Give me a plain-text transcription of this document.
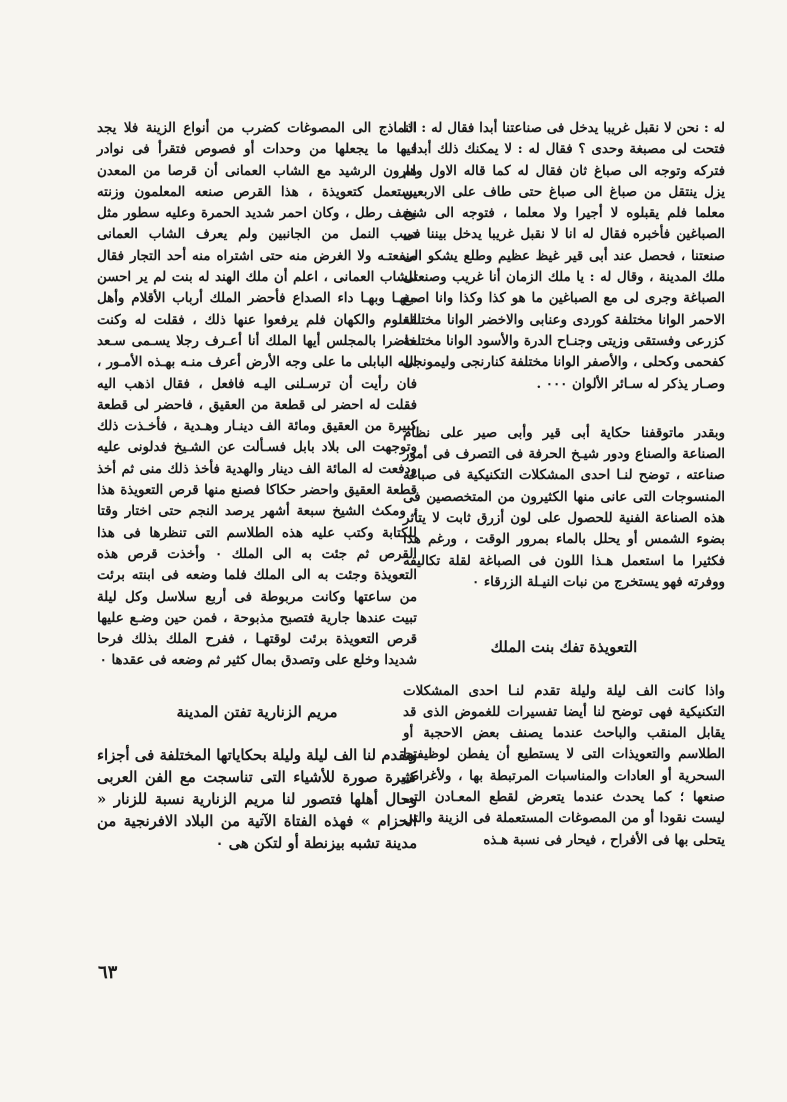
له : نحن لا نقبل غريبا يدخل فى صناعتنا أبدا فقال له : اذا فتحت لى مصبغة وحدى ؟ فقال له : لا يمكنك ذلك أبدا ، فتركه وتوجه الى صباغ ثان فقال له كما قاله الاول ولم يزل ينتقل من صباغ الى صباغ حتى طاف على الاربعين معلما فلم يقبلوه لا أجيرا ولا معلما ، فتوجه الى شيخ الصباغين فأخبره فقال له انا لا نقبل غريبا يدخل بيننا فى صنعتنا ، فحصل عند أبى قير غيظ عظيم وطلع يشكو الى ملك المدينة ، وقال له : يا ملك الزمان أنا غريب وصنعتى الصباغة وجرى لى مع الصباغين ما هو كذا وكذا وانا اصبغ الاحمر الوانا مختلفة كوردى وعنابى والاخضر الوانا مختلفة كزرعى وفستقى وزيتى وجنـاح الدرة والأسود الوانا مختلفة كفحمى وكحلى ، والأصفر الوانا مختلفة كنارنجى وليمونجى وصـار يذكر له سـائر الألوان ٠٠٠ .

وبقدر ماتوقفنا حكاية أبى قير وأبى صير على نظام الصناعة والصناع ودور شيـخ الحرفة فى التصرف فى أمور صناعته ، توضح لنـا احدى المشكلات التكنيكية فى صباغة المنسوجات التى عانى منها الكثيرون من المتخصصين فى هذه الصناعة الفنية للحصول على لون أزرق ثابت لا يتأثر بضوء الشمس أو يحلل بالماء بمرور الوقت ، ورغم هذا فكثيرا ما استعمل هـذا اللون فى الصباغة لقلة تكاليفه ووفرته فهو يستخرج من نبات النيـلة الزرقاء ٠

التعويذة تفك بنت الملك

واذا كانت الف ليلة وليلة تقدم لنـا احدى المشكلات التكنيكية فهى توضح لنا أيضا تفسيرات للغموض الذى قد يقابل المنقب والباحث عندما يصنف بعض الاحجبة أو الطلاسم والتعويذات التى لا يستطيع أن يفطن لوظيفتها السحرية أو العادات والمناسبات المرتبطة بها ، ولأغراض صنعها ؛ كما يحدث عندما يتعرض لقطع المعـادن التى ليست نقودا أو من المصوغات المستعملة فى الزينة والتى يتحلى بها فى الأفراح ، فيحار فى نسبة هـذه

النماذج الى المصوغات كضرب من أنواع الزينة فلا يجد فيها ما يجعلها من وحدات أو فصوص فتقرأ فى نوادر هارون الرشيد مع الشاب العمانى أن قرصا من المعدن يستعمل كتعويذة ، هذا القرص صنعه المعلمون وزنته نصف رطل ، وكان احمر شديد الحمرة وعليه سطور مثل دبيب النمل من الجانبين ولم يعرف الشاب العمانى منفعتـه ولا الغرض منه حتى اشتراه منه أحد التجار فقال للشاب العمانى ، اعلم أن ملك الهند له بنت لم ير احسن منهـا وبهـا داء الصداع فأحضر الملك أرباب الأقلام وأهل العلوم والكهان فلم يرفعوا عنها ذلك ، فقلت له وكنت حاضرا بالمجلس أيها الملك أنا أعـرف رجلا يسـمى سـعد الله البابلى ما على وجه الأرض أعرف منـه بهـذه الأمـور ، فان رأيت أن ترسـلنى اليـه فافعل ، فقال اذهب اليه فقلت له احضر لى قطعة من العقيق ، فاحضر لى قطعة كبيرة من العقيق ومائة الف دينـار وهـدية ، فأخـذت ذلك وتوجهت الى بلاد بابل فسـألت عن الشـيخ فدلونى عليه ودفعت له المائة الف دينار والهدية فأخذ ذلك منى ثم أخذ قطعة العقيق واحضر حكاكا فصنع منها قرص التعويذة هذا ، ومكث الشيخ سبعة أشهر يرصد النجم حتى اختار وقتا للكتابة وكتب عليه هذه الطلاسم التى تنظرها فى هذا القرص ثم جئت به الى الملك ٠ وأخذت قرص هذه التعويذة وجئت به الى الملك فلما وضعه فى ابنته برئت من ساعتها وكانت مربوطة فى أربع سلاسل وكل ليلة تبيت عندها جارية فتصبح مذبوحة ، فمن حين وضـع عليها قرص التعويذة برئت لوقتهـا ، ففرح الملك بذلك فرحا شديدا وخلع على وتصدق بمال كثير ثم وضعه فى عقدها ٠

مريم الزنارية تفتن المدينة

وتقدم لنا الف ليلة وليلة بحكاياتها المختلفة فى أجزاء كثيرة صورة للأشياء التى تناسجت مع الفن العربى وحال أهلها فتصور لنا مريم الزنارية نسبة للزنار « الحزام » فهذه الفتاة الآتية من البلاد الافرنجية من مدينة تشبه بيزنطة أو لتكن هى ٠

٦٣
